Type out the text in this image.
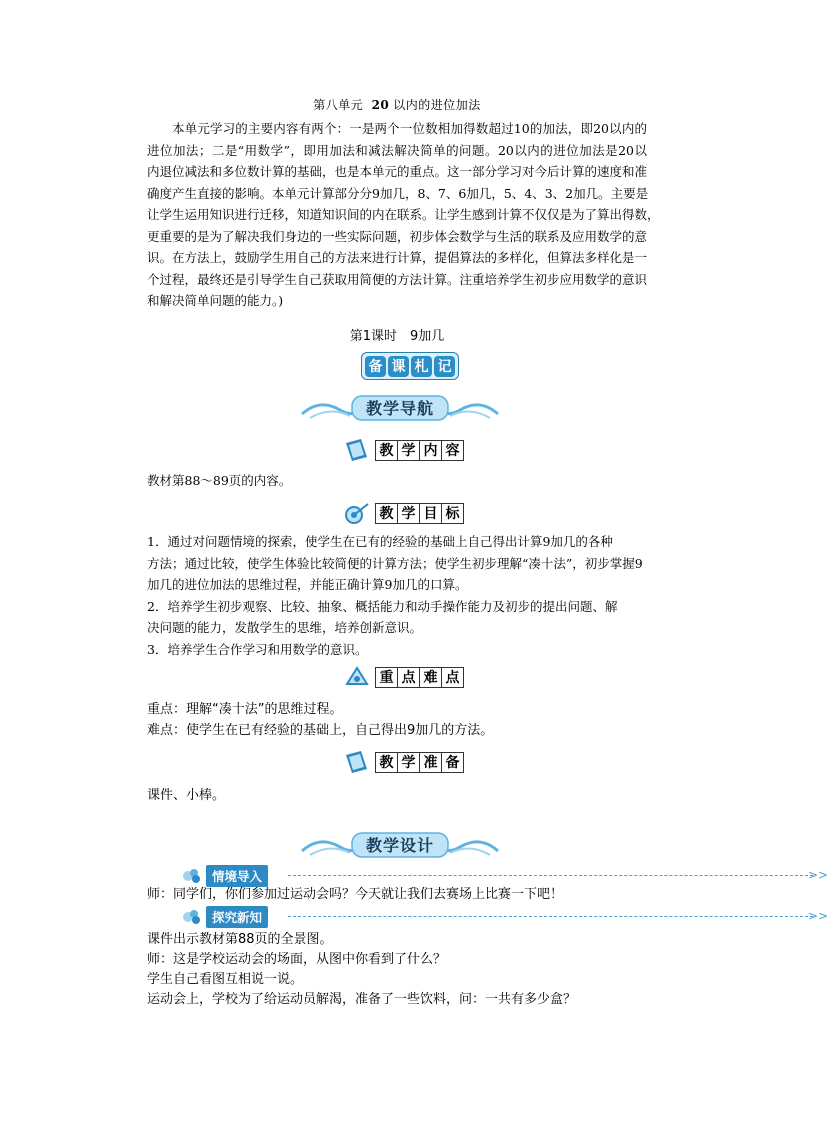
第八单元 20 以内的进位加法
本单元学习的主要内容有两个：一是两个一位数相加得数超过10的加法，即20以内的
进位加法；二是“用数学”，即用加法和减法解决简单的问题。20以内的进位加法是20以
内退位减法和多位数计算的基础，也是本单元的重点。这一部分学习对今后计算的速度和准
确度产生直接的影响。本单元计算部分分9加几，8、7、6加几，5、4、3、2加几。主要是
让学生运用知识进行迁移，知道知识间的内在联系。让学生感到计算不仅仅是为了算出得数，
更重要的是为了解决我们身边的一些实际问题，初步体会数学与生活的联系及应用数学的意
识。在方法上，鼓励学生用自己的方法来进行计算，提倡算法的多样化，但算法多样化是一
个过程，最终还是引导学生自己获取用简便的方法计算。注重培养学生初步应用数学的意识
和解决简单问题的能力。)
第1课时　9加几
备 课 札 记
教学导航
教 学 内 容
教材第88～89页的内容。
教 学 目 标
1．通过对问题情境的探索，使学生在已有的经验的基础上自己得出计算9加几的各种
方法；通过比较，使学生体验比较简便的计算方法；使学生初步理解“凑十法”，初步掌握9
加几的进位加法的思维过程，并能正确计算9加几的口算。
2．培养学生初步观察、比较、抽象、概括能力和动手操作能力及初步的提出问题、解
决问题的能力，发散学生的思维，培养创新意识。
3．培养学生合作学习和用数学的意识。
重 点 难 点
重点：理解“凑十法”的思维过程。
难点：使学生在已有经验的基础上，自己得出9加几的方法。
教 学 准 备
课件、小棒。
教学设计
情境导入	>>
师：同学们，你们参加过运动会吗？今天就让我们去赛场上比赛一下吧！
探究新知	>>
课件出示教材第88页的全景图。
师：这是学校运动会的场面，从图中你看到了什么？
学生自己看图互相说一说。
运动会上，学校为了给运动员解渴，准备了一些饮料，问：一共有多少盒？
